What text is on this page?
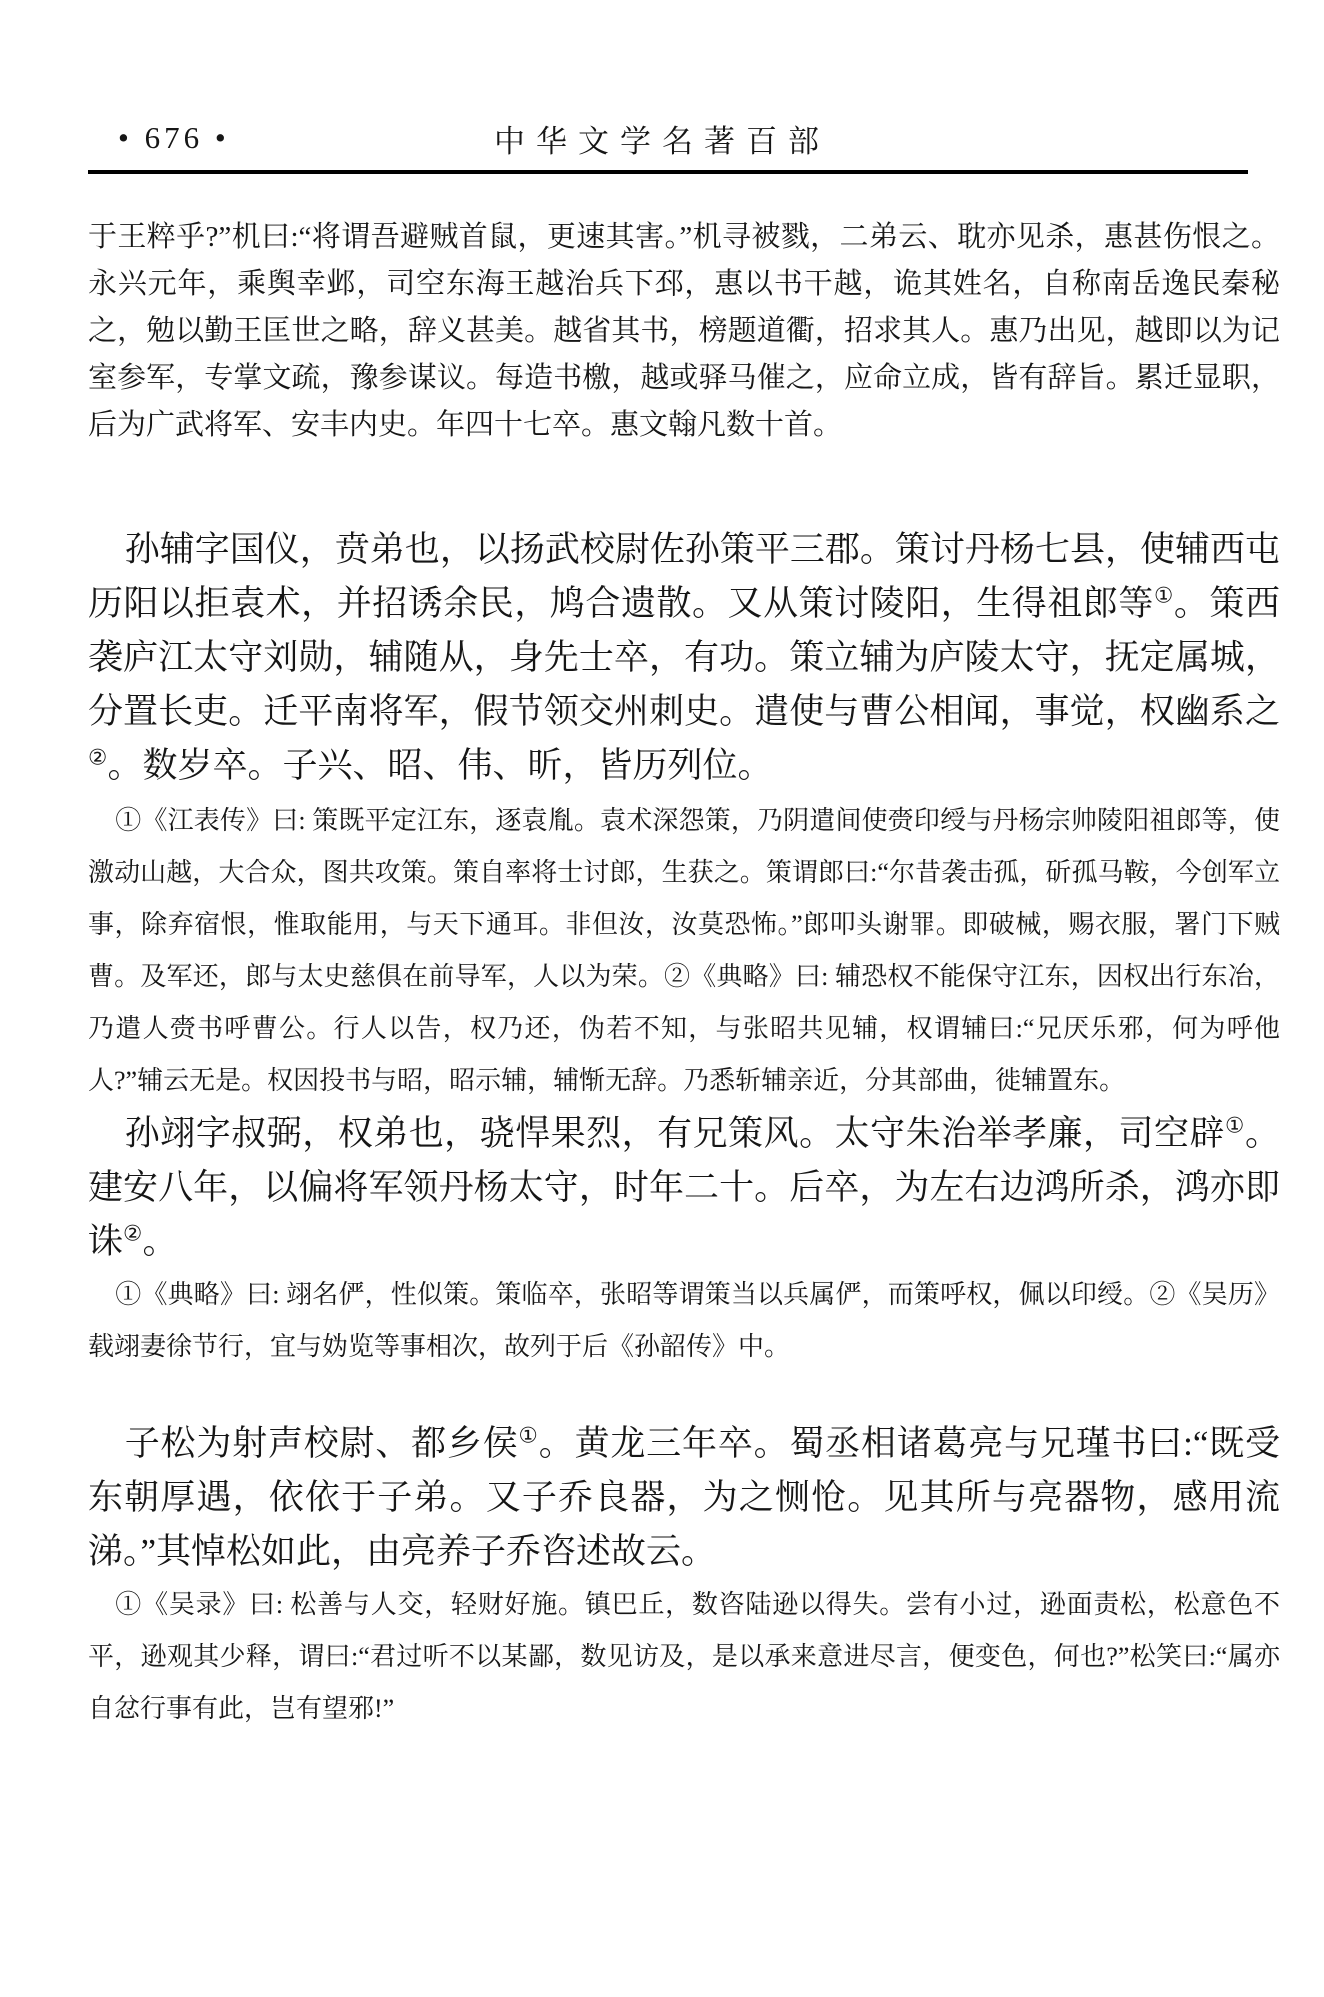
• 676 •	中华文学名著百部

于王粹乎?”机曰:“将谓吾避贼首鼠，更速其害。”机寻被戮，二弟云、耽亦见杀，惠甚伤恨之。永兴元年，乘舆幸邺，司空东海王越治兵下邳，惠以书干越，诡其姓名，自称南岳逸民秦秘之，勉以勤王匡世之略，辞义甚美。越省其书，榜题道衢，招求其人。惠乃出见，越即以为记室参军，专掌文疏，豫参谋议。每造书檄，越或驿马催之，应命立成，皆有辞旨。累迁显职，后为广武将军、安丰内史。年四十七卒。惠文翰凡数十首。

孙辅字国仪，贲弟也，以扬武校尉佐孙策平三郡。策讨丹杨七县，使辅西屯历阳以拒袁术，并招诱余民，鸠合遗散。又从策讨陵阳，生得祖郎等①。策西袭庐江太守刘勋，辅随从，身先士卒，有功。策立辅为庐陵太守，抚定属城，分置长吏。迁平南将军，假节领交州刺史。遣使与曹公相闻，事觉，权幽系之②。数岁卒。子兴、昭、伟、昕，皆历列位。

①《江表传》曰: 策既平定江东，逐袁胤。袁术深怨策，乃阴遣间使赍印绶与丹杨宗帅陵阳祖郎等，使激动山越，大合众，图共攻策。策自率将士讨郎，生获之。策谓郎曰:“尔昔袭击孤，斫孤马鞍，今创军立事，除弃宿恨，惟取能用，与天下通耳。非但汝，汝莫恐怖。”郎叩头谢罪。即破械，赐衣服，署门下贼曹。及军还，郎与太史慈俱在前导军，人以为荣。②《典略》曰: 辅恐权不能保守江东，因权出行东冶，乃遣人赍书呼曹公。行人以告，权乃还，伪若不知，与张昭共见辅，权谓辅曰:“兄厌乐邪，何为呼他人?”辅云无是。权因投书与昭，昭示辅，辅惭无辞。乃悉斩辅亲近，分其部曲，徙辅置东。

孙翊字叔弼，权弟也，骁悍果烈，有兄策风。太守朱治举孝廉，司空辟①。建安八年，以偏将军领丹杨太守，时年二十。后卒，为左右边鸿所杀，鸿亦即诛②。

①《典略》曰: 翊名俨，性似策。策临卒，张昭等谓策当以兵属俨，而策呼权，佩以印绶。②《吴历》载翊妻徐节行，宜与妫览等事相次，故列于后《孙韶传》中。

子松为射声校尉、都乡侯①。黄龙三年卒。蜀丞相诸葛亮与兄瑾书曰:“既受东朝厚遇，依依于子弟。又子乔良器，为之恻怆。见其所与亮器物，感用流涕。”其悼松如此，由亮养子乔咨述故云。

①《吴录》曰: 松善与人交，轻财好施。镇巴丘，数咨陆逊以得失。尝有小过，逊面责松，松意色不平，逊观其少释，谓曰:“君过听不以某鄙，数见访及，是以承来意进尽言，便变色，何也?”松笑曰:“属亦自忿行事有此，岂有望邪!”
